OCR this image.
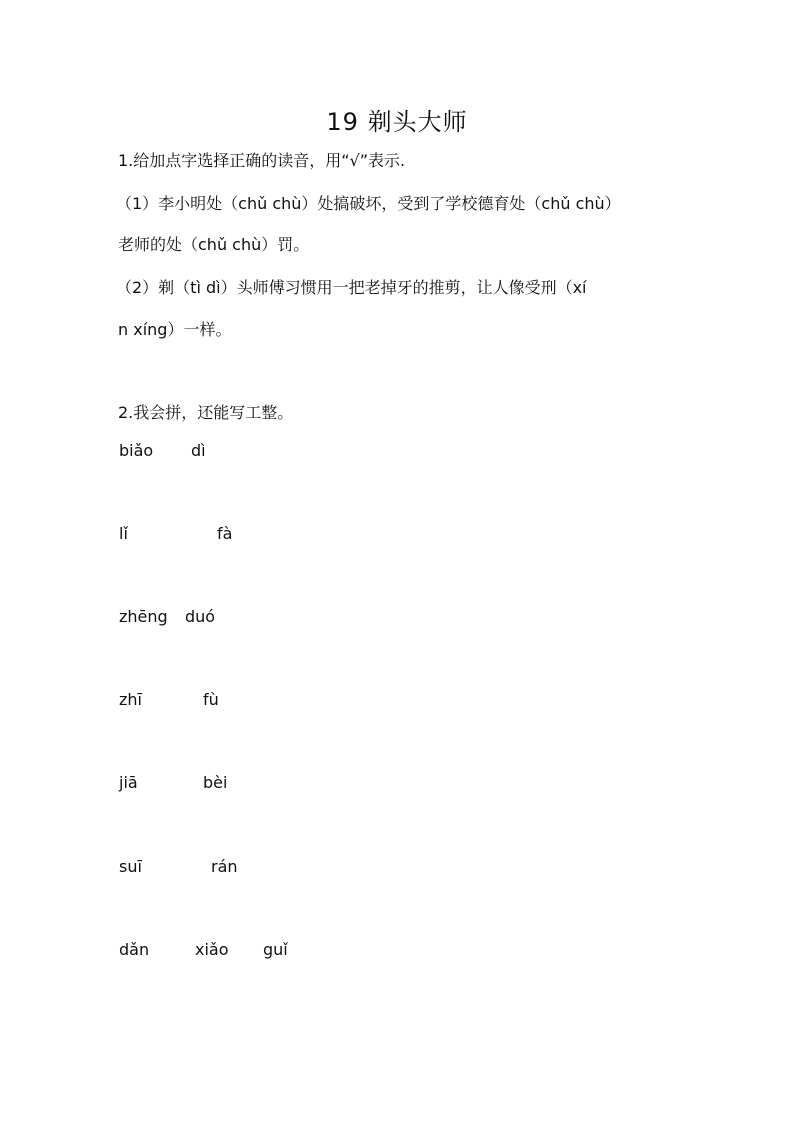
19 剃头大师
1.给加点字选择正确的读音，用“√”表示.
（1）李小明处（chǔ chù）处搞破坏，受到了学校德育处（chǔ chù）
老师的处（chǔ chù）罚。
（2）剃（tì dì）头师傅习惯用一把老掉牙的推剪，让人像受刑（xí
n xíng）一样。
2.我会拼，还能写工整。
biǎo dì
lǐ	fà
zhēng duó
zhī	fù
jiā	bèi
suī	rán
dǎn	xiǎo guǐ
